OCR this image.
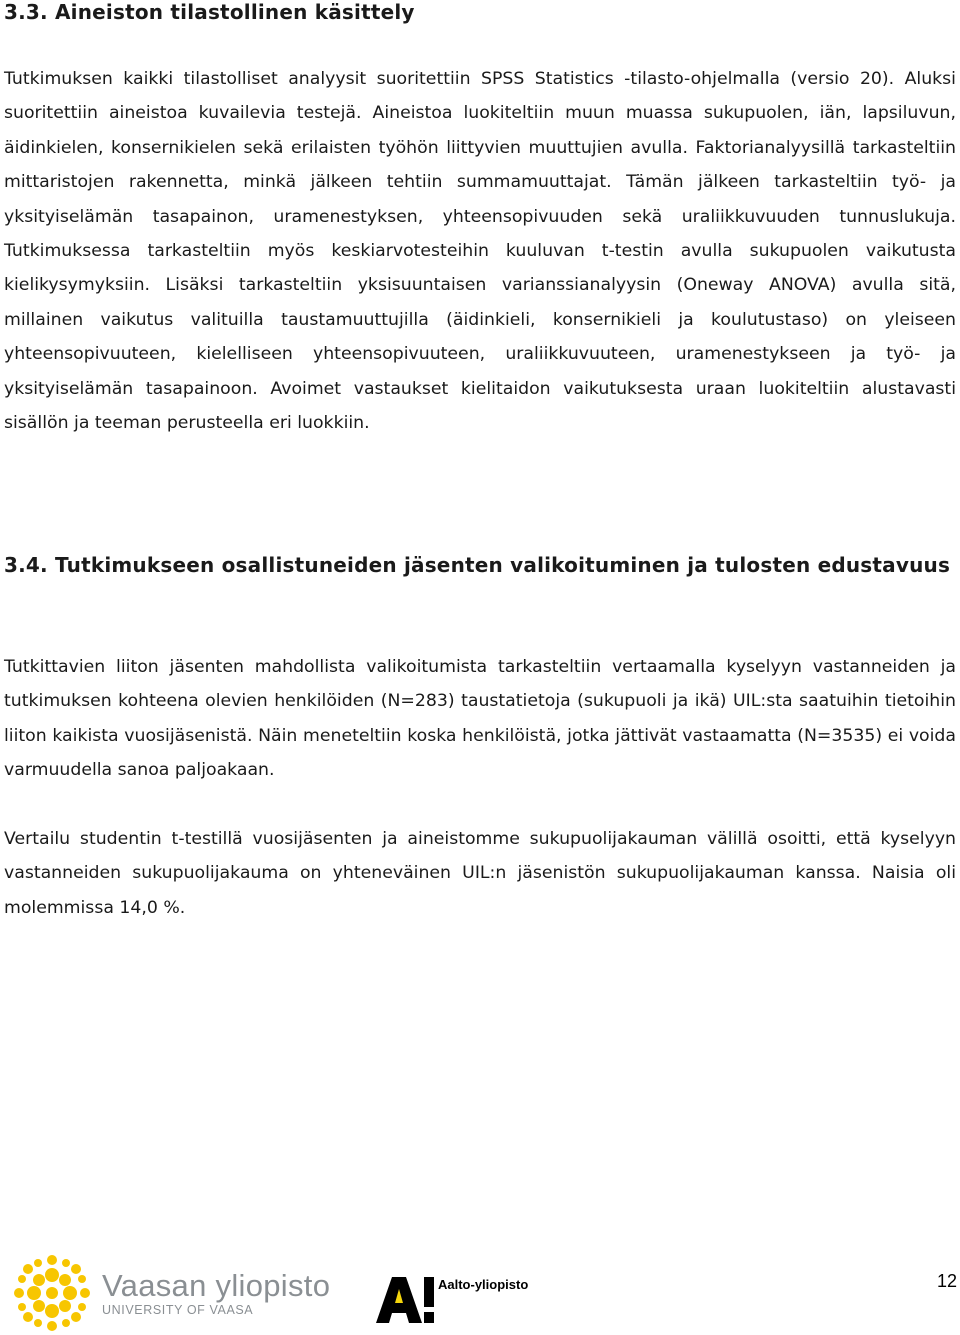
3.3. Aineiston tilastollinen käsittely

Tutkimuksen kaikki tilastolliset analyysit suoritettiin SPSS Statistics -tilasto-ohjelmalla (versio 20). Aluksi suoritettiin aineistoa kuvailevia testejä. Aineistoa luokiteltiin muun muassa sukupuolen, iän, lapsiluvun, äidinkielen, konsernikielen sekä erilaisten työhön liittyvien muuttujien avulla. Faktorianalyysillä tarkasteltiin mittaristojen rakennetta, minkä jälkeen tehtiin summamuuttajat. Tämän jälkeen tarkasteltiin työ- ja yksityiselämän tasapainon, uramenestyksen, yhteensopivuuden sekä uraliikkuvuuden tunnuslukuja. Tutkimuksessa tarkasteltiin myös keskiarvotesteihin kuuluvan t-testin avulla sukupuolen vaikutusta kielikysymyksiin. Lisäksi tarkasteltiin yksisuuntaisen varianssianalyysin (Oneway ANOVA) avulla sitä, millainen vaikutus valituilla taustamuuttujilla (äidinkieli, konsernikieli ja koulutustaso) on yleiseen yhteensopivuuteen, kielelliseen yhteensopivuuteen, uraliikkuvuuteen, uramenestykseen ja työ- ja yksityiselämän tasapainoon. Avoimet vastaukset kielitaidon vaikutuksesta uraan luokiteltiin alustavasti sisällön ja teeman perusteella eri luokkiin.

3.4. Tutkimukseen osallistuneiden jäsenten valikoituminen ja tulosten edustavuus

Tutkittavien liiton jäsenten mahdollista valikoitumista tarkasteltiin vertaamalla kyselyyn vastanneiden ja tutkimuksen kohteena olevien henkilöiden (N=283) taustatietoja (sukupuoli ja ikä) UIL:sta saatuihin tietoihin liiton kaikista vuosijäsenistä. Näin meneteltiin koska henkilöistä, jotka jättivät vastaamatta (N=3535) ei voida varmuudella sanoa paljoakaan.

Vertailu studentin t-testillä vuosijäsenten ja aineistomme sukupuolijakauman välillä osoitti, että kyselyyn vastanneiden sukupuolijakauma on yhteneväinen UIL:n jäsenistön sukupuolijakauman kanssa. Naisia oli molemmissa 14,0 %.

Vaasan yliopisto
UNIVERSITY OF VAASA
Aalto-yliopisto	12
